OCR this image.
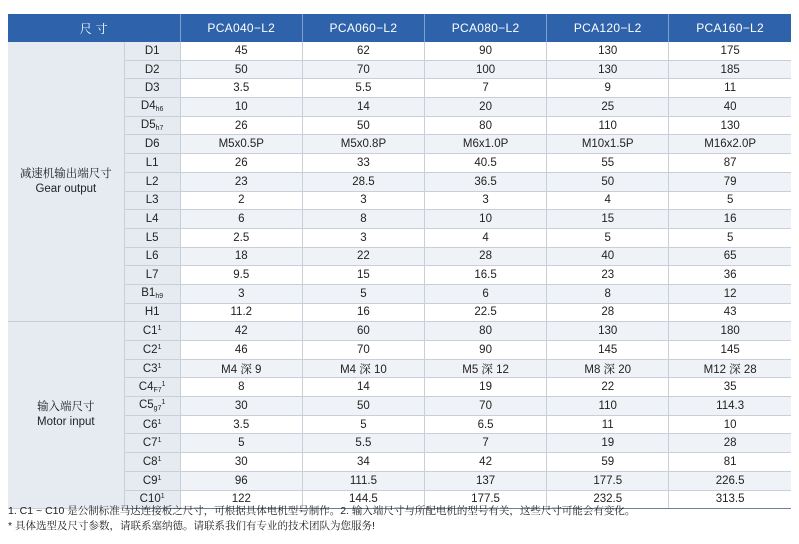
尺 寸		PCA040−L2	PCA060−L2	PCA080−L2	PCA120−L2	PCA160−L2

减速机输出端尺寸
Gear output	D1	45	62	90	130	175
	D2	50	70	100	130	185
	D3	3.5	5.5	7	9	11
	$D4_{h6}$	10	14	20	25	40
	$D5_{h7}$	26	50	80	110	130
	D6	M5x0.5P	M5x0.8P	M6x1.0P	M10x1.5P	M16x2.0P
	L1	26	33	40.5	55	87
	L2	23	28.5	36.5	50	79
	L3	2	3	3	4	5
	L4	6	8	10	15	16
	L5	2.5	3	4	5	5
	L6	18	22	28	40	65
	L7	9.5	15	16.5	23	36
	$B1_{h9}$	3	5	6	8	12
	H1	11.2	16	22.5	28	43

输入端尺寸
Motor input	$C1^1$	42	60	80	130	180
	$C2^1$	46	70	90	145	145
	$C3^1$	M4 深 9	M4 深 10	M5 深 12	M8 深 20	M12 深 28
	$C4_{F7}^1$	8	14	19	22	35
	$C5_{g7}^1$	30	50	70	110	114.3
	$C6^1$	3.5	5	6.5	11	10
	$C7^1$	5	5.5	7	19	28
	$C8^1$	30	34	42	59	81
	$C9^1$	96	111.5	137	177.5	226.5
	$C10^1$	122	144.5	177.5	232.5	313.5
1. C1 ~ C10 是公制标准马达连接板之尺寸，可根据具体电机型号制作。2. 输入端尺寸与所配电机的型号有关，这些尺寸可能会有变化。
* 具体选型及尺寸参数，请联系塞纳德。请联系我们有专业的技术团队为您服务!
